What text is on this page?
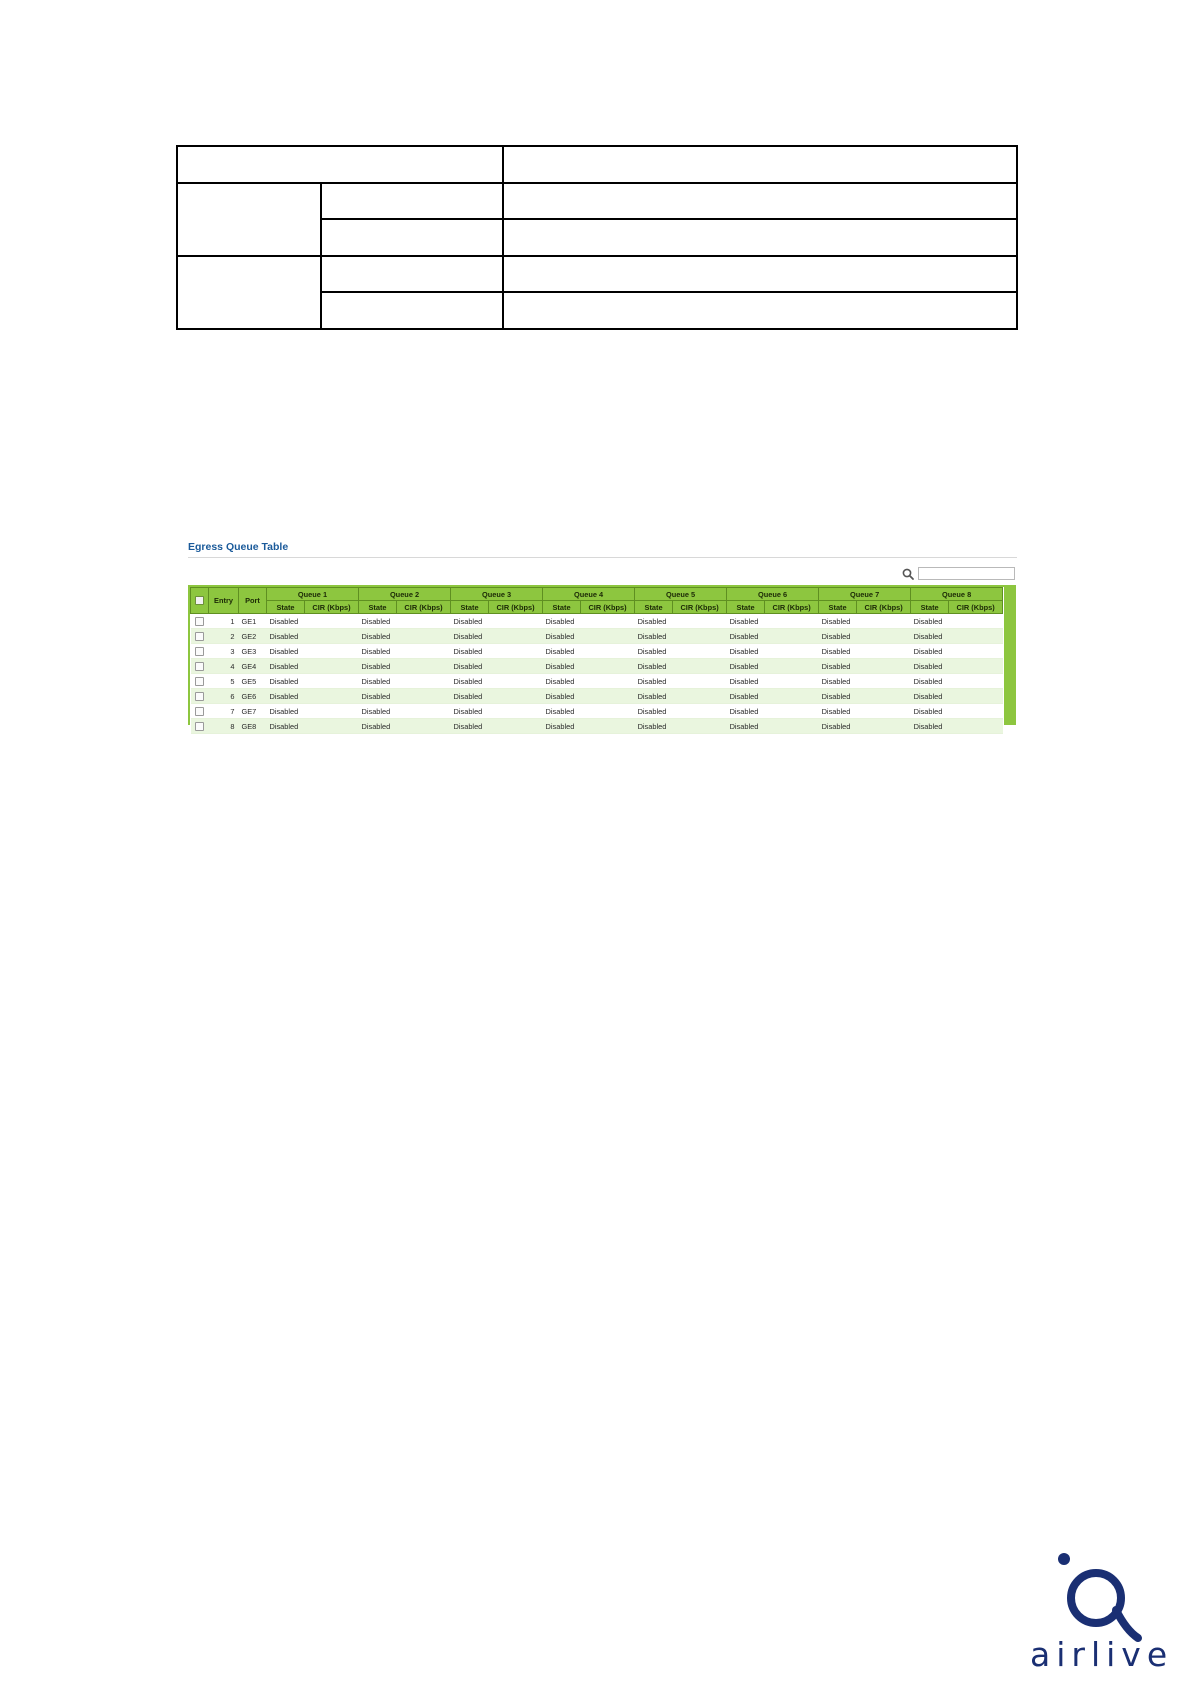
Egress Queue Table
	Entry	Port	Queue 1		Queue 2		Queue 3		Queue 4		Queue 5		Queue 6		Queue 7		Queue 8	
			State	CIR (Kbps)	State	CIR (Kbps)	State	CIR (Kbps)	State	CIR (Kbps)	State	CIR (Kbps)	State	CIR (Kbps)	State	CIR (Kbps)	State	CIR (Kbps)
	1	GE1	Disabled		Disabled		Disabled		Disabled		Disabled		Disabled		Disabled		Disabled	
	2	GE2	Disabled		Disabled		Disabled		Disabled		Disabled		Disabled		Disabled		Disabled	
	3	GE3	Disabled		Disabled		Disabled		Disabled		Disabled		Disabled		Disabled		Disabled	
	4	GE4	Disabled		Disabled		Disabled		Disabled		Disabled		Disabled		Disabled		Disabled	
	5	GE5	Disabled		Disabled		Disabled		Disabled		Disabled		Disabled		Disabled		Disabled	
	6	GE6	Disabled		Disabled		Disabled		Disabled		Disabled		Disabled		Disabled		Disabled	
	7	GE7	Disabled		Disabled		Disabled		Disabled		Disabled		Disabled		Disabled		Disabled	
	8	GE8	Disabled		Disabled		Disabled		Disabled		Disabled		Disabled		Disabled		Disabled	
airlive
